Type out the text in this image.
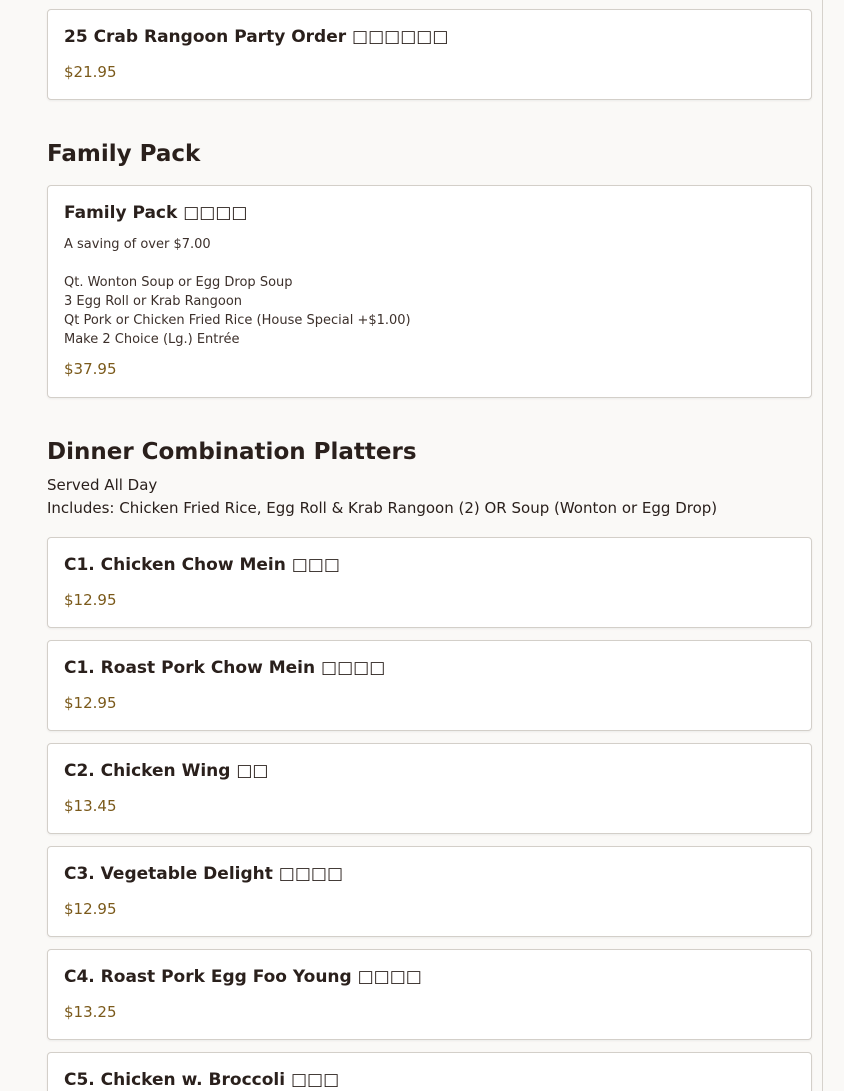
25 Crab Rangoon Party Order □□□□□□
$21.95
Family Pack
Family Pack □□□□
A saving of over $7.00
Qt. Wonton Soup or Egg Drop Soup
3 Egg Roll or Krab Rangoon
Qt Pork or Chicken Fried Rice (House Special +$1.00)
Make 2 Choice (Lg.) Entrée
$37.95
Dinner Combination Platters
Served All Day
Includes: Chicken Fried Rice, Egg Roll & Krab Rangoon (2) OR Soup (Wonton or Egg Drop)
C1. Chicken Chow Mein □□□
$12.95
C1. Roast Pork Chow Mein □□□□
$12.95
C2. Chicken Wing □□
$13.45
C3. Vegetable Delight □□□□
$12.95
C4. Roast Pork Egg Foo Young □□□□
$13.25
C5. Chicken w. Broccoli □□□
